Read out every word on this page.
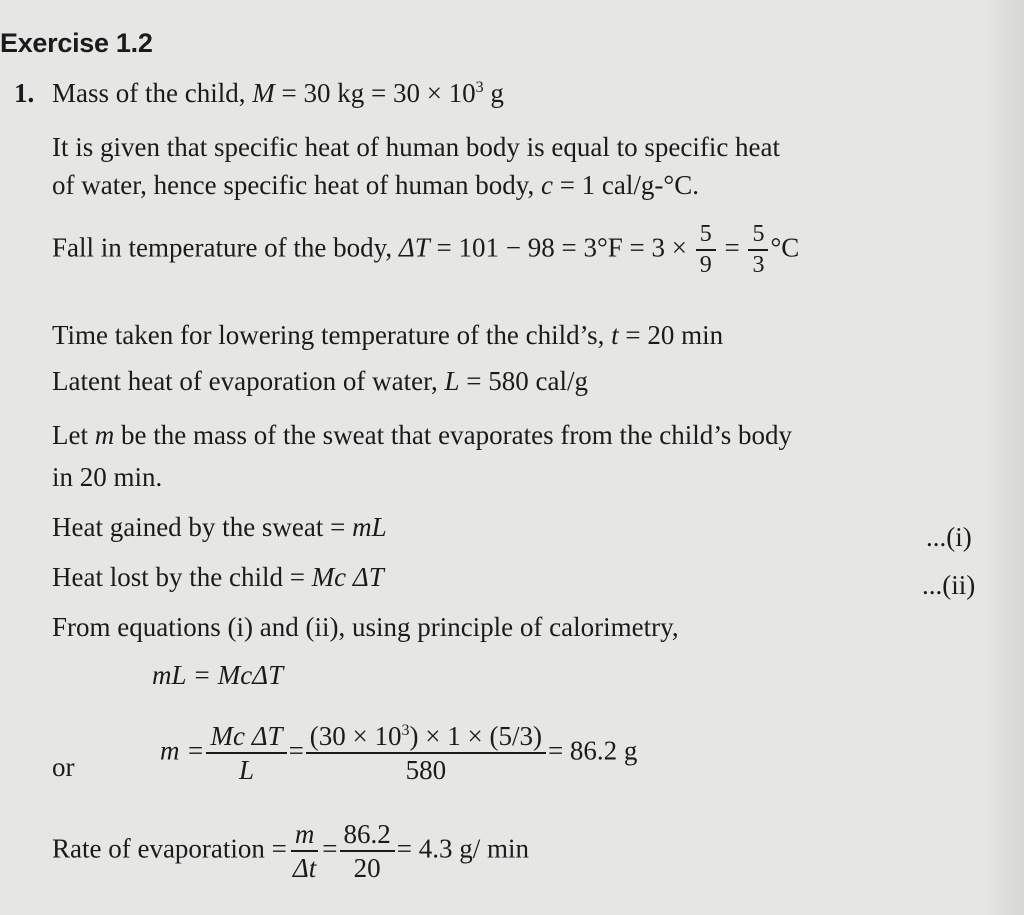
Exercise 1.2
1. Mass of the child, M = 30 kg = $30 \times 10^3$ g
It is given that specific heat of human body is equal to specific heat
of water, hence specific heat of human body, c = 1 cal/g-°C.
Fall in temperature of the body, $\Delta T = 101 - 98 = 3^\circ F = 3 \times \frac{5}{9} = \frac{5}{3} ^\circ C$
Time taken for lowering temperature of the child’s, t = 20 min
Latent heat of evaporation of water, L = 580 cal/g
Let m be the mass of the sweat that evaporates from the child’s body
in 20 min.
Heat gained by the sweat = mL	...(i)
Heat lost by the child = Mc ΔT	...(ii)
From equations (i) and (ii), using principle of calorimetry,
mL = McΔT
or
$m = \frac{\text{Mc ΔT}}{L} = \frac{(30 \times 10^3) \times 1 \times (5/3)}{580} = 86.2$ g
Rate of evaporation = $\frac{m}{\Delta t} = \frac{86.2}{20} = 4.3$ g/ min
